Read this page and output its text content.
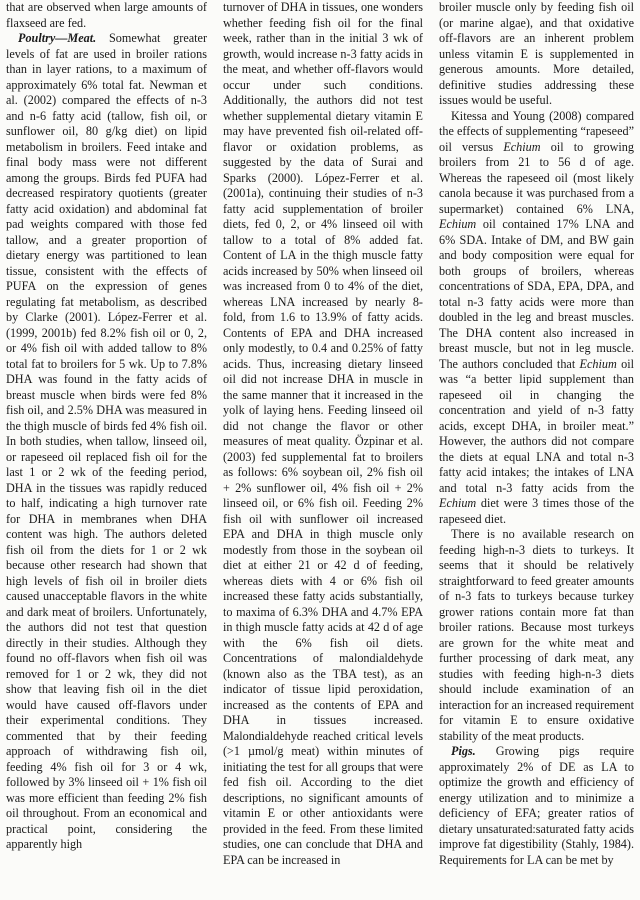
that are observed when large amounts of flaxseed are fed.

Poultry—Meat. Somewhat greater levels of fat are used in broiler rations than in layer rations, to a maximum of approximately 6% total fat. Newman et al. (2002) compared the effects of n-3 and n-6 fatty acid (tallow, fish oil, or sunflower oil, 80 g/kg diet) on lipid metabolism in broilers. Feed intake and final body mass were not different among the groups. Birds fed PUFA had decreased respiratory quotients (greater fatty acid oxidation) and abdominal fat pad weights compared with those fed tallow, and a greater proportion of dietary energy was partitioned to lean tissue, consistent with the effects of PUFA on the expression of genes regulating fat metabolism, as described by Clarke (2001). López-Ferrer et al. (1999, 2001b) fed 8.2% fish oil or 0, 2, or 4% fish oil with added tallow to 8% total fat to broilers for 5 wk. Up to 7.8% DHA was found in the fatty acids of breast muscle when birds were fed 8% fish oil, and 2.5% DHA was measured in the thigh muscle of birds fed 4% fish oil. In both studies, when tallow, linseed oil, or rapeseed oil replaced fish oil for the last 1 or 2 wk of the feeding period, DHA in the tissues was rapidly reduced to half, indicating a high turnover rate for DHA in membranes when DHA content was high. The authors deleted fish oil from the diets for 1 or 2 wk because other research had shown that high levels of fish oil in broiler diets caused unacceptable flavors in the white and dark meat of broilers. Unfortunately, the authors did not test that question directly in their studies. Although they found no off-flavors when fish oil was removed for 1 or 2 wk, they did not show that leaving fish oil in the diet would have caused off-flavors under their experimental conditions. They commented that by their feeding approach of withdrawing fish oil, feeding 4% fish oil for 3 or 4 wk, followed by 3% linseed oil + 1% fish oil was more efficient than feeding 2% fish oil throughout. From an economical and practical point, considering the apparently high

turnover of DHA in tissues, one wonders whether feeding fish oil for the final week, rather than in the initial 3 wk of growth, would increase n-3 fatty acids in the meat, and whether off-flavors would occur under such conditions. Additionally, the authors did not test whether supplemental dietary vitamin E may have prevented fish oil-related off-flavor or oxidation problems, as suggested by the data of Surai and Sparks (2000). López-Ferrer et al. (2001a), continuing their studies of n-3 fatty acid supplementation of broiler diets, fed 0, 2, or 4% linseed oil with tallow to a total of 8% added fat. Content of LA in the thigh muscle fatty acids increased by 50% when linseed oil was increased from 0 to 4% of the diet, whereas LNA increased by nearly 8-fold, from 1.6 to 13.9% of fatty acids. Contents of EPA and DHA increased only modestly, to 0.4 and 0.25% of fatty acids. Thus, increasing dietary linseed oil did not increase DHA in muscle in the same manner that it increased in the yolk of laying hens. Feeding linseed oil did not change the flavor or other measures of meat quality. Özpinar et al. (2003) fed supplemental fat to broilers as follows: 6% soybean oil, 2% fish oil + 2% sunflower oil, 4% fish oil + 2% linseed oil, or 6% fish oil. Feeding 2% fish oil with sunflower oil increased EPA and DHA in thigh muscle only modestly from those in the soybean oil diet at either 21 or 42 d of feeding, whereas diets with 4 or 6% fish oil increased these fatty acids substantially, to maxima of 6.3% DHA and 4.7% EPA in thigh muscle fatty acids at 42 d of age with the 6% fish oil diets. Concentrations of malondialdehyde (known also as the TBA test), as an indicator of tissue lipid peroxidation, increased as the contents of EPA and DHA in tissues increased. Malondialdehyde reached critical levels (>1 µmol/g meat) within minutes of initiating the test for all groups that were fed fish oil. According to the diet descriptions, no significant amounts of vitamin E or other antioxidants were provided in the feed. From these limited studies, one can conclude that DHA and EPA can be increased in

broiler muscle only by feeding fish oil (or marine algae), and that oxidative off-flavors are an inherent problem unless vitamin E is supplemented in generous amounts. More detailed, definitive studies addressing these issues would be useful.

Kitessa and Young (2008) compared the effects of supplementing “rapeseed” oil versus Echium oil to growing broilers from 21 to 56 d of age. Whereas the rapeseed oil (most likely canola because it was purchased from a supermarket) contained 6% LNA, Echium oil contained 17% LNA and 6% SDA. Intake of DM, and BW gain and body composition were equal for both groups of broilers, whereas concentrations of SDA, EPA, DPA, and total n-3 fatty acids were more than doubled in the leg and breast muscles. The DHA content also increased in breast muscle, but not in leg muscle. The authors concluded that Echium oil was “a better lipid supplement than rapeseed oil in changing the concentration and yield of n-3 fatty acids, except DHA, in broiler meat.” However, the authors did not compare the diets at equal LNA and total n-3 fatty acid intakes; the intakes of LNA and total n-3 fatty acids from the Echium diet were 3 times those of the rapeseed diet.

There is no available research on feeding high-n-3 diets to turkeys. It seems that it should be relatively straightforward to feed greater amounts of n-3 fats to turkeys because turkey grower rations contain more fat than broiler rations. Because most turkeys are grown for the white meat and further processing of dark meat, any studies with feeding high-n-3 diets should include examination of an interaction for an increased requirement for vitamin E to ensure oxidative stability of the meat products.

Pigs. Growing pigs require approximately 2% of DE as LA to optimize the growth and efficiency of energy utilization and to minimize a deficiency of EFA; greater ratios of dietary unsaturated:saturated fatty acids improve fat digestibility (Stahly, 1984). Requirements for LA can be met by
